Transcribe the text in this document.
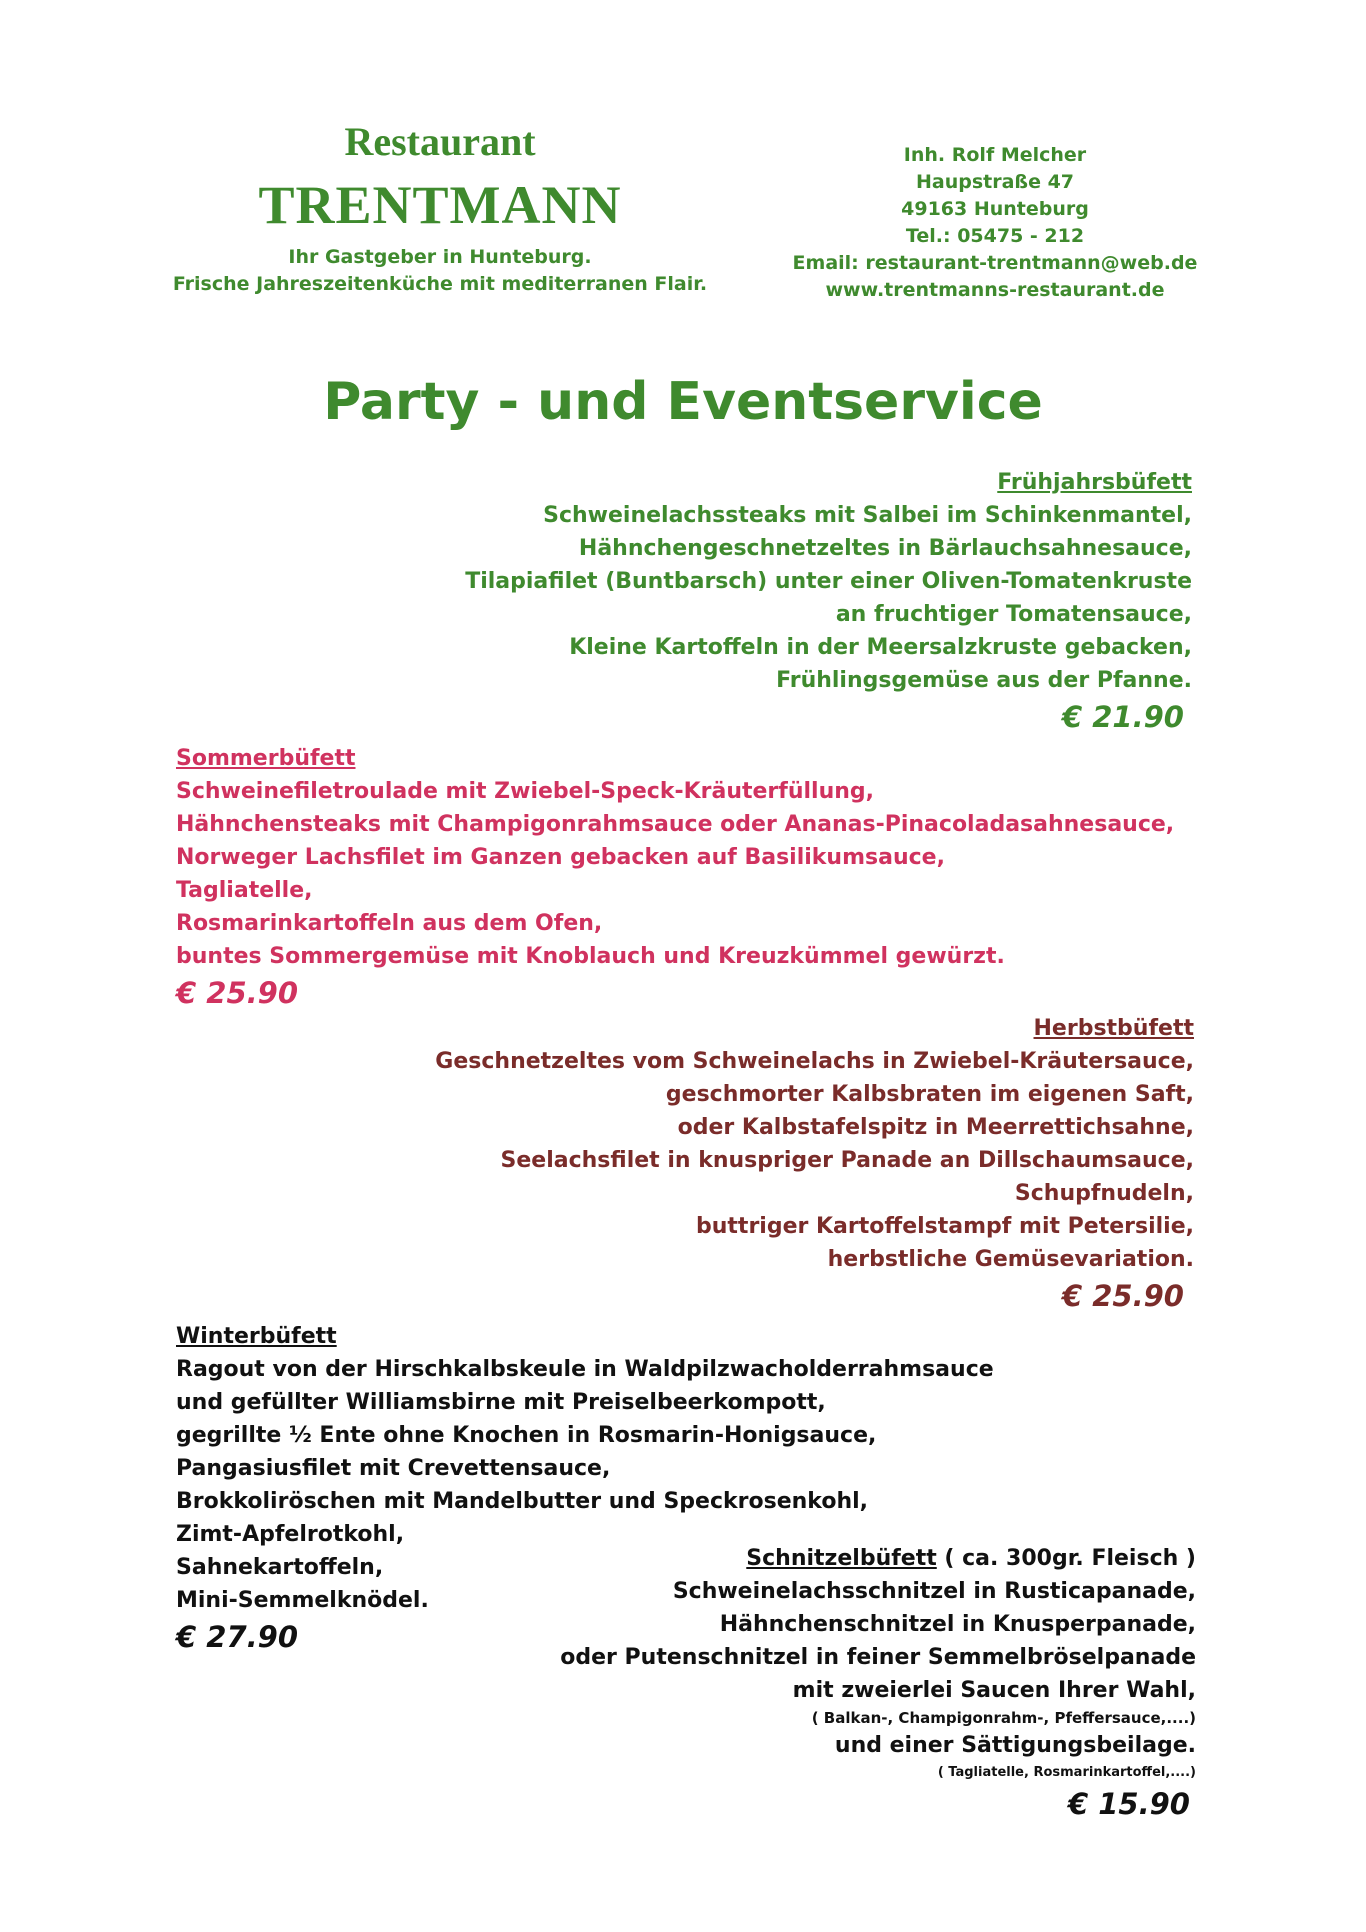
Restaurant
TRENTMANN
Ihr Gastgeber in Hunteburg.
Frische Jahreszeitenküche mit mediterranen Flair.
Inh. Rolf Melcher
Haupstraße 47
49163 Hunteburg
Tel.: 05475 - 212
Email: restaurant-trentmann@web.de
www.trentmanns-restaurant.de
Party - und Eventservice
Frühjahrsbüfett
Schweinelachssteaks mit Salbei im Schinkenmantel,
Hähnchengeschnetzeltes in Bärlauchsahnesauce,
Tilapiafilet (Buntbarsch) unter einer Oliven-Tomatenkruste
an fruchtiger Tomatensauce,
Kleine Kartoffeln in der Meersalzkruste gebacken,
Frühlingsgemüse aus der Pfanne.
€ 21.90
Sommerbüfett
Schweinefiletroulade mit Zwiebel-Speck-Kräuterfüllung,
Hähnchensteaks mit Champigonrahmsauce oder Ananas-Pinacoladasahnesauce,
Norweger Lachsfilet im Ganzen gebacken auf Basilikumsauce,
Tagliatelle,
Rosmarinkartoffeln aus dem Ofen,
buntes Sommergemüse mit Knoblauch und Kreuzkümmel gewürzt.
€ 25.90
Herbstbüfett
Geschnetzeltes vom Schweinelachs in Zwiebel-Kräutersauce,
geschmorter Kalbsbraten im eigenen Saft,
oder Kalbstafelspitz in Meerrettichsahne,
Seelachsfilet in knuspriger Panade an Dillschaumsauce,
Schupfnudeln,
buttriger Kartoffelstampf mit Petersilie,
herbstliche Gemüsevariation.
€ 25.90
Winterbüfett
Ragout von der Hirschkalbskeule in Waldpilzwacholderrahmsauce
und gefüllter Williamsbirne mit Preiselbeerkompott,
gegrillte ½ Ente ohne Knochen in Rosmarin-Honigsauce,
Pangasiusfilet mit Crevettensauce,
Brokkoliröschen mit Mandelbutter und Speckrosenkohl,
Zimt-Apfelrotkohl,
Sahnekartoffeln,
Mini-Semmelknödel.
€ 27.90
Schnitzelbüfett ( ca. 300gr. Fleisch )
Schweinelachsschnitzel in Rusticapanade,
Hähnchenschnitzel in Knusperpanade,
oder Putenschnitzel in feiner Semmelbröselpanade
mit zweierlei Saucen Ihrer Wahl,
( Balkan-, Champigonrahm-, Pfeffersauce,....)
und einer Sättigungsbeilage.
( Tagliatelle, Rosmarinkartoffel,....)
€ 15.90
